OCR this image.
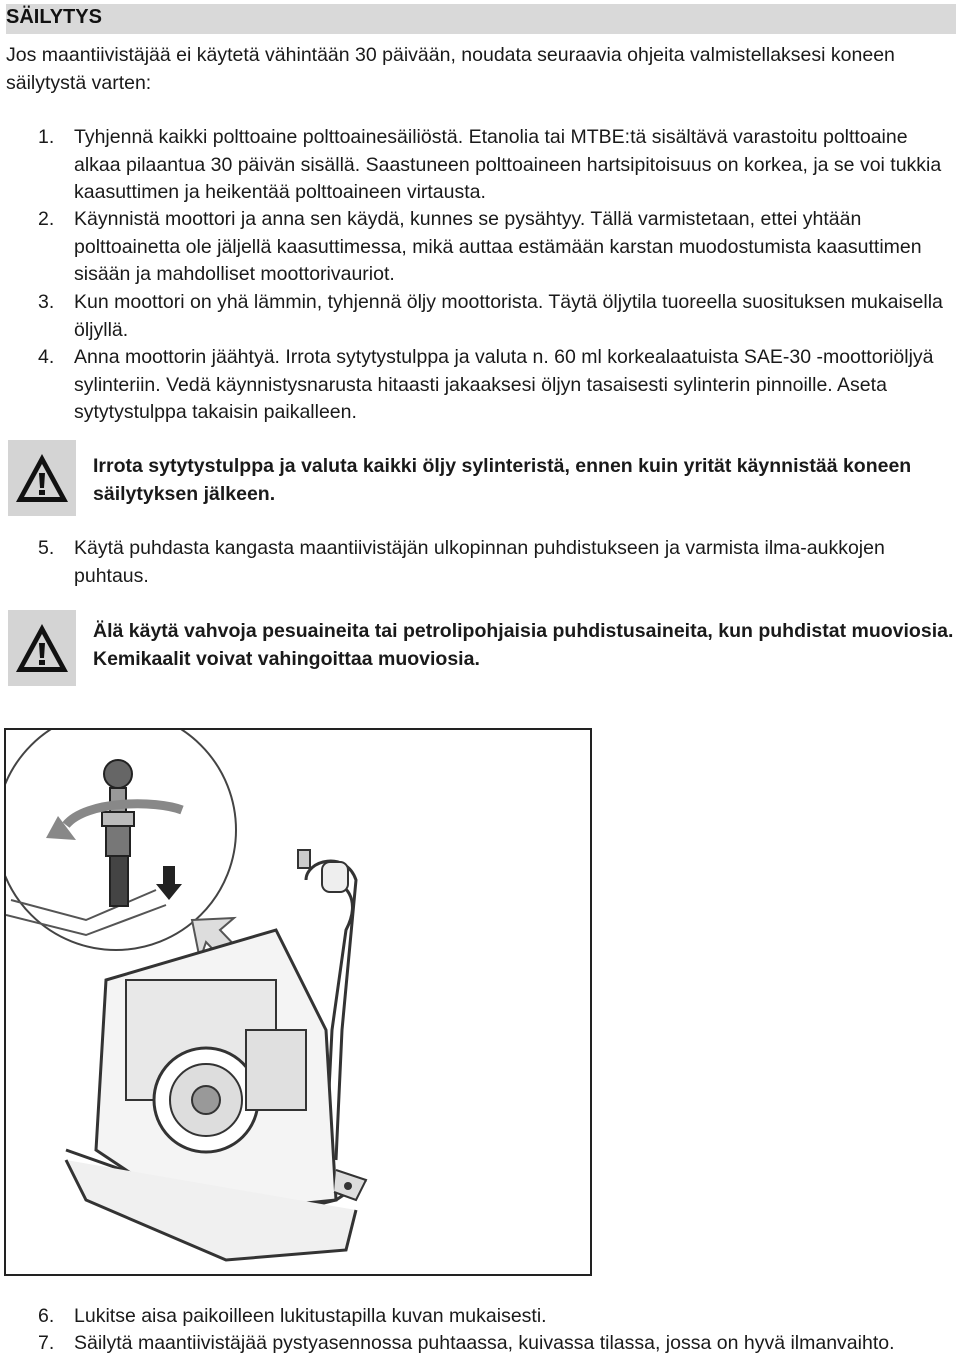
SÄILYTYS
Jos maantiivistäjää ei käytetä vähintään 30 päivään, noudata seuraavia ohjeita valmistellaksesi koneen säilytystä varten:
1.	Tyhjennä kaikki polttoaine polttoainesäiliöstä. Etanolia tai MTBE:tä sisältävä varastoitu polttoaine alkaa pilaantua 30 päivän sisällä. Saastuneen polttoaineen hartsipitoisuus on korkea, ja se voi tukkia kaasuttimen ja heikentää polttoaineen virtausta.
2.	Käynnistä moottori ja anna sen käydä, kunnes se pysähtyy. Tällä varmistetaan, ettei yhtään polttoainetta ole jäljellä kaasuttimessa, mikä auttaa estämään karstan muodostumista kaasuttimen sisään ja mahdolliset moottorivauriot.
3.	Kun moottori on yhä lämmin, tyhjennä öljy moottorista. Täytä öljytila tuoreella suosituksen mukaisella öljyllä.
4.	Anna moottorin jäähtyä. Irrota sytytystulppa ja valuta n. 60 ml korkealaatuista SAE-30 -moottoriöljyä sylinteriin. Vedä käynnistysnarusta hitaasti jakaaksesi öljyn tasaisesti sylinterin pinnoille. Aseta sytytystulppa takaisin paikalleen.
Irrota sytytystulppa ja valuta kaikki öljy sylinteristä, ennen kuin yrität käynnistää koneen säilytyksen jälkeen.
5.	Käytä puhdasta kangasta maantiivistäjän ulkopinnan puhdistukseen ja varmista ilma-aukkojen puhtaus.
Älä käytä vahvoja pesuaineita tai petrolipohjaisia puhdistusaineita, kun puhdistat muoviosia. Kemikaalit voivat vahingoittaa muoviosia.
6.	Lukitse aisa paikoilleen lukitustapilla kuvan mukaisesti.
7.	Säilytä maantiivistäjää pystyasennossa puhtaassa, kuivassa tilassa, jossa on hyvä ilmanvaihto.
